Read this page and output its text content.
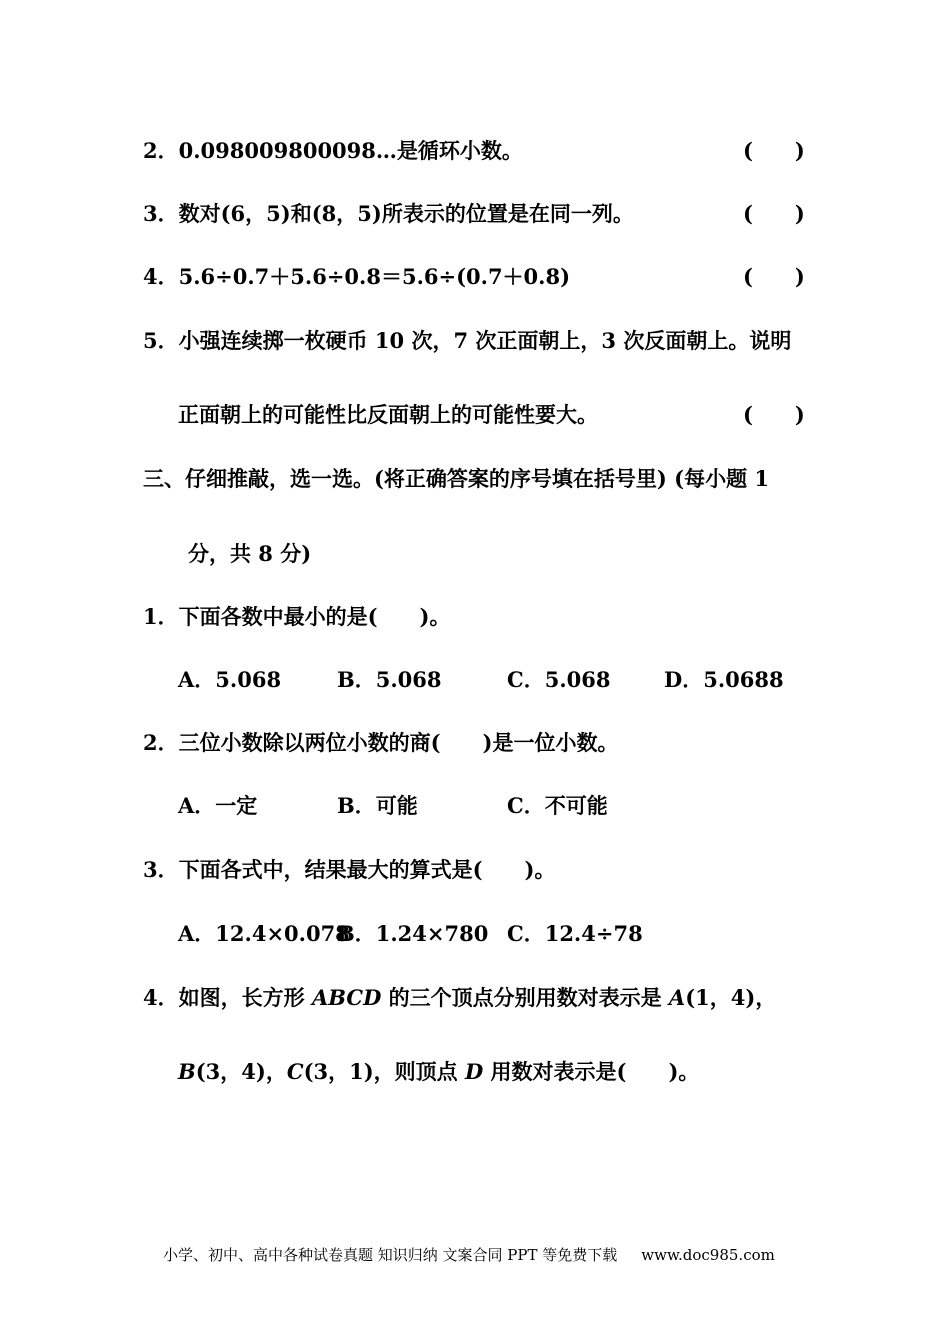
2．0.098009800098…是循环小数。	(　　)
3．数对(6，5)和(8，5)所表示的位置是在同一列。	(　　)
4．5.6÷0.7＋5.6÷0.8＝5.6÷(0.7＋0.8)	(　　)
5．小强连续掷一枚硬币 10 次，7 次正面朝上，3 次反面朝上。说明
正面朝上的可能性比反面朝上的可能性要大。	(　　)
三、仔细推敲，选一选。(将正确答案的序号填在括号里) (每小题 1
分，共 8 分)
1．下面各数中最小的是(　　)。
A．5.068	B．5.068	C．5.068	D．5.0688
2．三位小数除以两位小数的商(　　)是一位小数。
A．一定	B．可能	C．不可能
3．下面各式中，结果最大的算式是(　　)。
A．12.4×0.078
B．1.24×780 C．12.4÷78
4．如图，长方形 ABCD 的三个顶点分别用数对表示是 A(1，4)，
B(3，4)，C(3，1)，则顶点 D 用数对表示是(　　)。
小学、初中、高中各种试卷真题 知识归纳 文案合同 PPT 等免费下载 www.doc985.com
